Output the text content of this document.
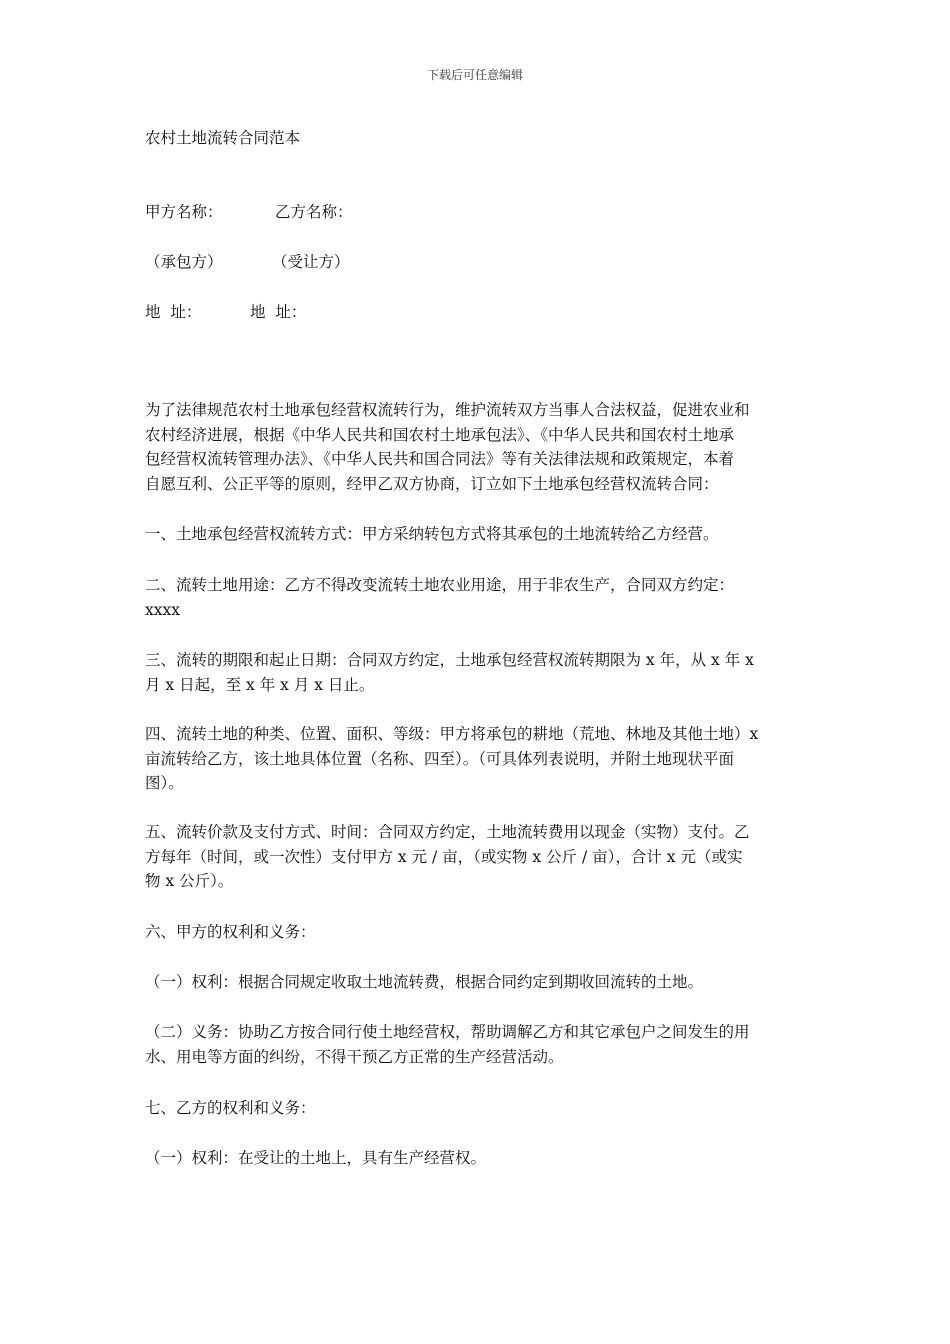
下载后可任意编辑
农村土地流转合同范本
甲方名称：	乙方名称：
（承包方）	（受让方）
地  址：	地  址：
为了法律规范农村土地承包经营权流转行为，维护流转双方当事人合法权益，促进农业和
农村经济进展，根据《中华人民共和国农村土地承包法》、《中华人民共和国农村土地承
包经营权流转管理办法》、《中华人民共和国合同法》等有关法律法规和政策规定，本着
自愿互利、公正平等的原则，经甲乙双方协商，订立如下土地承包经营权流转合同：
一、土地承包经营权流转方式：甲方采纳转包方式将其承包的土地流转给乙方经营。
二、流转土地用途：乙方不得改变流转土地农业用途，用于非农生产，合同双方约定：
xxxx
三、流转的期限和起止日期：合同双方约定，土地承包经营权流转期限为 x 年，从 x 年 x
月 x 日起，至 x 年 x 月 x 日止。
四、流转土地的种类、位置、面积、等级：甲方将承包的耕地（荒地、林地及其他土地）x
亩流转给乙方，该土地具体位置（名称、四至）。（可具体列表说明，并附土地现状平面
图）。
五、流转价款及支付方式、时间：合同双方约定，土地流转费用以现金（实物）支付。乙
方每年（时间，或一次性）支付甲方 x 元 / 亩，（或实物 x 公斤 / 亩），合计 x 元（或实
物 x 公斤）。
六、甲方的权利和义务：
（一）权利：根据合同规定收取土地流转费，根据合同约定到期收回流转的土地。
（二）义务：协助乙方按合同行使土地经营权，帮助调解乙方和其它承包户之间发生的用
水、用电等方面的纠纷，不得干预乙方正常的生产经营活动。
七、乙方的权利和义务：
（一）权利：在受让的土地上，具有生产经营权。
